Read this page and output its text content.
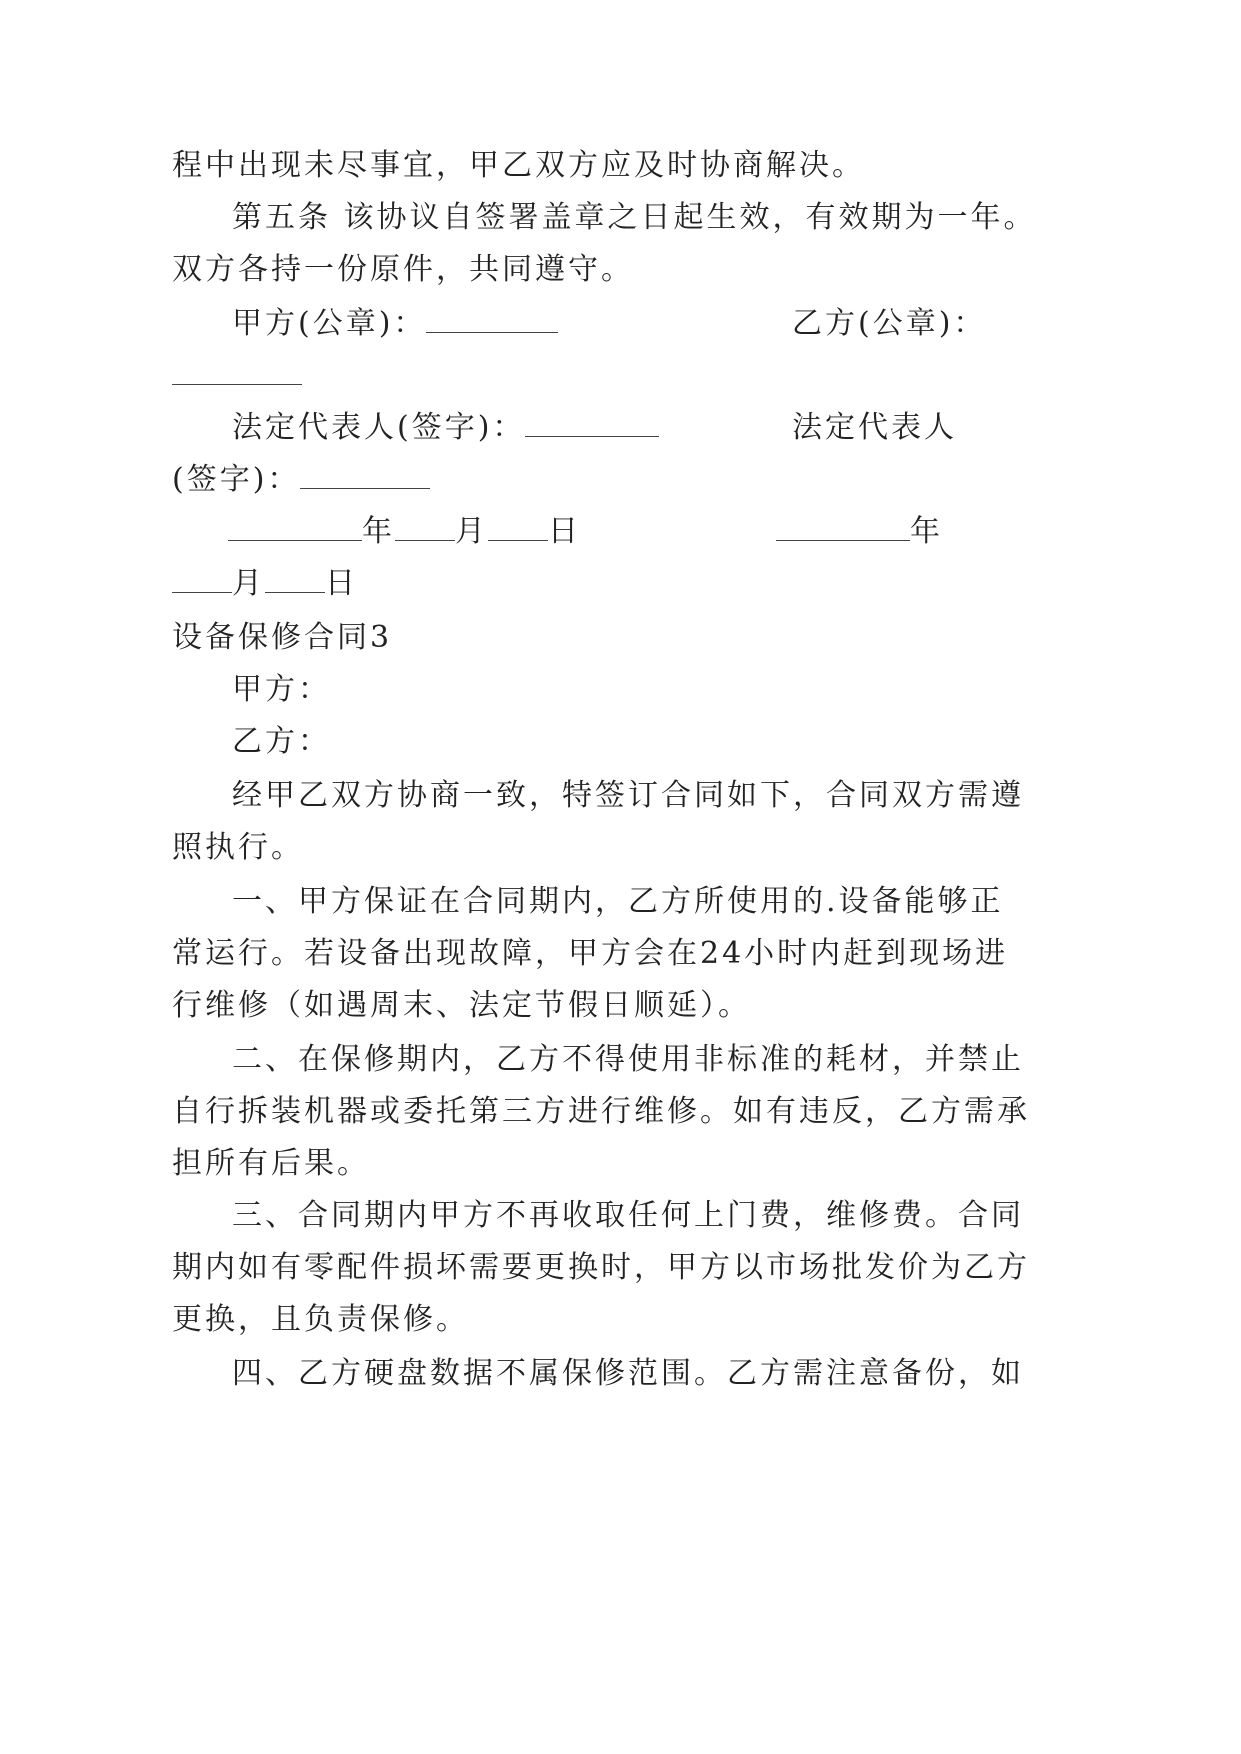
程中出现未尽事宜，甲乙双方应及时协商解决。
第五条 该协议自签署盖章之日起生效，有效期为一年。
双方各持一份原件，共同遵守。
甲方(公章)：	乙方(公章)：
法定代表人(签字)：	法定代表人
(签字)：
年 月 日	年
月 日
设备保修合同3
甲方：
乙方：
经甲乙双方协商一致，特签订合同如下，合同双方需遵
照执行。
一、甲方保证在合同期内，乙方所使用的.设备能够正
常运行。若设备出现故障，甲方会在24小时内赶到现场进
行维修（如遇周末、法定节假日顺延）。
二、在保修期内，乙方不得使用非标准的耗材，并禁止
自行拆装机器或委托第三方进行维修。如有违反，乙方需承
担所有后果。
三、合同期内甲方不再收取任何上门费，维修费。合同
期内如有零配件损坏需要更换时，甲方以市场批发价为乙方
更换，且负责保修。
四、乙方硬盘数据不属保修范围。乙方需注意备份，如
